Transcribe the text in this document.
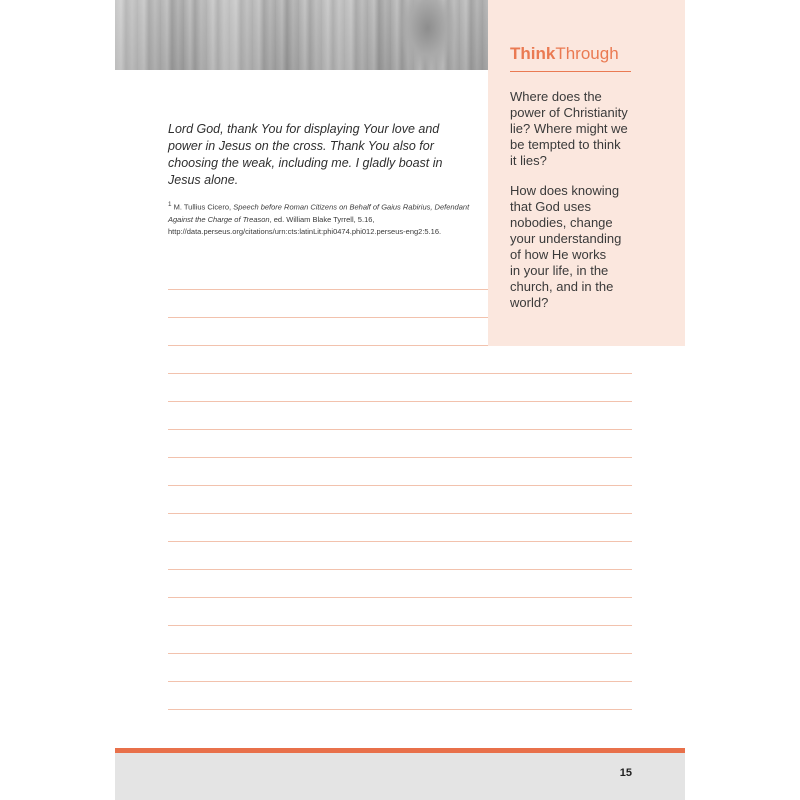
ThinkThrough
Where does the
power of Christianity
lie? Where might we
be tempted to think
it lies?
How does knowing
that God uses
nobodies, change
your understanding
of how He works
in your life, in the
church, and in the
world?
Lord God, thank You for displaying Your love and power in Jesus on the cross. Thank You also for choosing the weak, including me. I gladly boast in Jesus alone.
$^1$ M. Tullius Cicero, Speech before Roman Citizens on Behalf of Gaius Rabirius, Defendant Against the Charge of Treason, ed. William Blake Tyrrell, 5.16, http://data.perseus.org/citations/urn:cts:latinLit:phi0474.phi012.perseus-eng2:5.16.
15
